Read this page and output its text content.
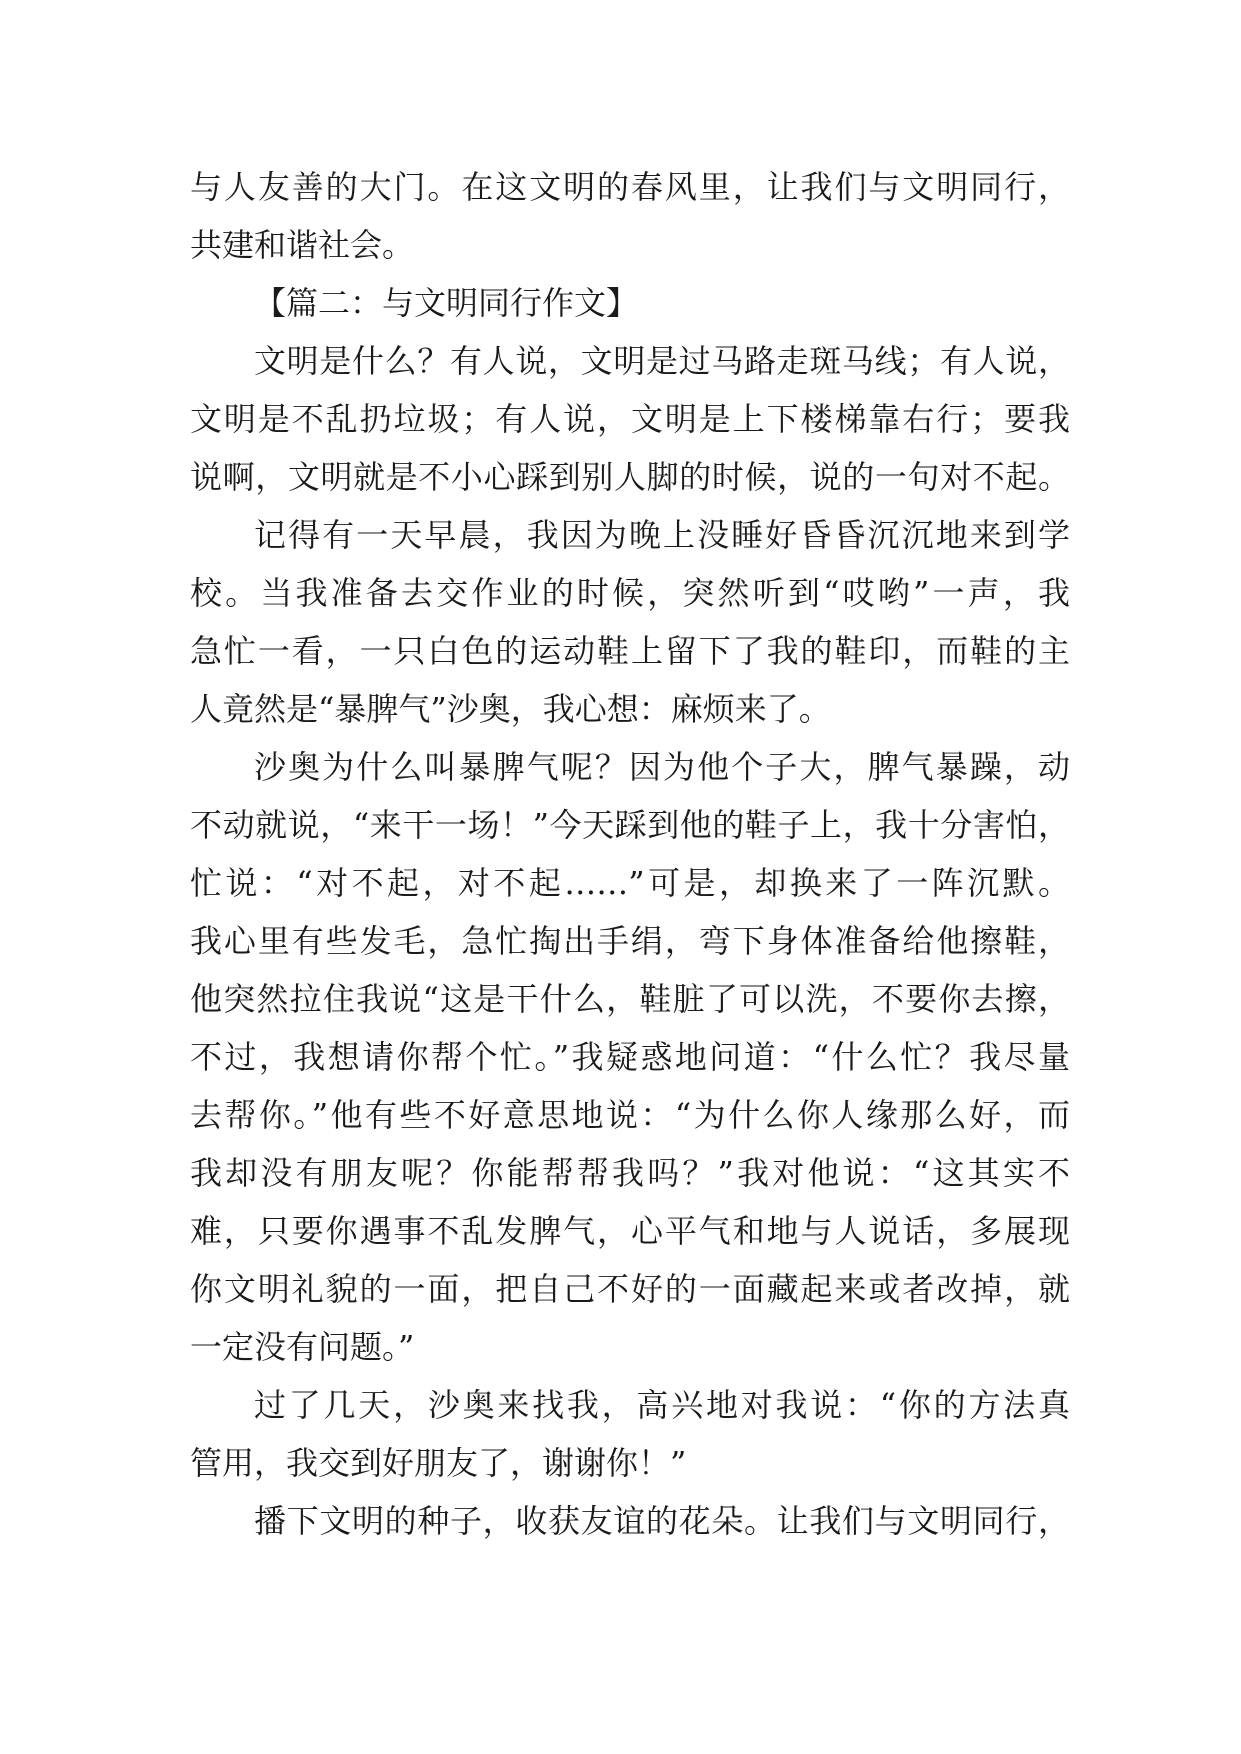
与人友善的大门。在这文明的春风里，让我们与文明同行，
共建和谐社会。
【篇二：与文明同行作文】
文明是什么？有人说，文明是过马路走斑马线；有人说，
文明是不乱扔垃圾；有人说，文明是上下楼梯靠右行；要我
说啊，文明就是不小心踩到别人脚的时候，说的一句对不起。
记得有一天早晨，我因为晚上没睡好昏昏沉沉地来到学
校。当我准备去交作业的时候，突然听到“哎哟”一声，我
急忙一看，一只白色的运动鞋上留下了我的鞋印，而鞋的主
人竟然是“暴脾气”沙奥，我心想：麻烦来了。
沙奥为什么叫暴脾气呢？因为他个子大，脾气暴躁，动
不动就说，“来干一场！”今天踩到他的鞋子上，我十分害怕，
忙说：“对不起，对不起……”可是，却换来了一阵沉默。
我心里有些发毛，急忙掏出手绢，弯下身体准备给他擦鞋，
他突然拉住我说“这是干什么，鞋脏了可以洗，不要你去擦，
不过，我想请你帮个忙。”我疑惑地问道：“什么忙？我尽量
去帮你。”他有些不好意思地说：“为什么你人缘那么好，而
我却没有朋友呢？你能帮帮我吗？”我对他说：“这其实不
难，只要你遇事不乱发脾气，心平气和地与人说话，多展现
你文明礼貌的一面，把自己不好的一面藏起来或者改掉，就
一定没有问题。”
过了几天，沙奥来找我，高兴地对我说：“你的方法真
管用，我交到好朋友了，谢谢你！”
播下文明的种子，收获友谊的花朵。让我们与文明同行，
